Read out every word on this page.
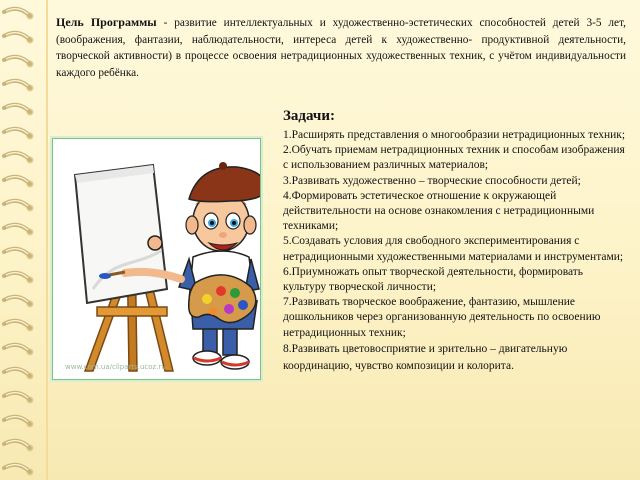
Цель Программы - развитие интеллектуальных и художественно-эстетических способностей детей 3-5 лет, (воображения, фантазии, наблюдательности, интереса детей к художественно- продуктивной деятельности, творческой активности) в процессе освоения нетрадиционных художественных техник, с учётом индивидуальности каждого ребёнка.
www.com.ua/cliparts.ucoz.ru
Задачи:
1.Расширять представления о многообразии нетрадиционных техник;
2.Обучать приемам нетрадиционных техник и способам изображения с использованием различных материалов;
3.Развивать художественно – творческие способности детей;
4.Формировать эстетическое отношение к окружающей действительности на основе ознакомления с нетрадиционными техниками;
5.Создавать условия для свободного экспериментирования с нетрадиционными художественными материалами и инструментами;
6.Приумножать опыт творческой деятельности, формировать культуру творческой личности;
7.Развивать творческое воображение, фантазию, мышление дошкольников через организованную деятельность по освоению нетрадиционных техник;
8.Развивать цветовосприятие и зрительно – двигательную координацию, чувство композиции и колорита.
